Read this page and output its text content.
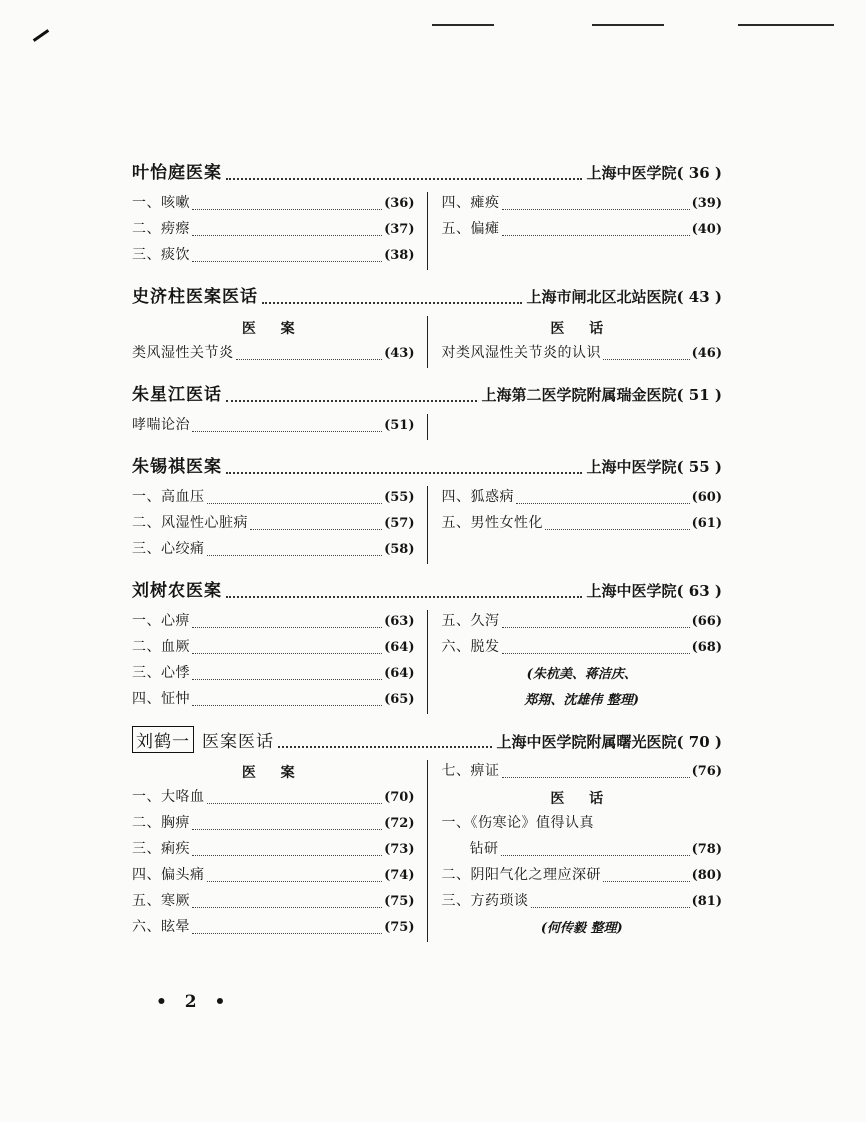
叶怡庭医案	上海中医学院 ( 36 )
一、咳嗽	(36)
二、痨瘵	(37)
三、痰饮	(38)
四、瘫痪	(39)
五、偏瘫	(40)
史济柱医案医话	上海市闸北区北站医院 ( 43 )
医 案
类风湿性关节炎	(43)
医 话
对类风湿性关节炎的认识	(46)
朱星江医话	上海第二医学院附属瑞金医院 ( 51 )
哮喘论治	(51)
朱锡祺医案	上海中医学院 ( 55 )
一、高血压	(55)
二、风湿性心脏病	(57)
三、心绞痛	(58)
四、狐惑病	(60)
五、男性女性化	(61)
刘树农医案	上海中医学院 ( 63 )
一、心痹	(63)
二、血厥	(64)
三、心悸	(64)
四、怔忡	(65)
五、久泻	(66)
六、脱发	(68)
(朱杭美、蒋洁庆、
郑翔、沈雄伟 整理)
刘鹤一 医案医话	上海中医学院附属曙光医院 ( 70 )
医 案
一、大咯血	(70)
二、胸痹	(72)
三、痢疾	(73)
四、偏头痛	(74)
五、寒厥	(75)
六、眩晕	(75)
七、痹证	(76)
医 话
一、《伤寒论》值得认真
钻研	(78)
二、阴阳气化之理应深研	(80)
三、方药琐谈	(81)
(何传毅 整理)
• 2 •
